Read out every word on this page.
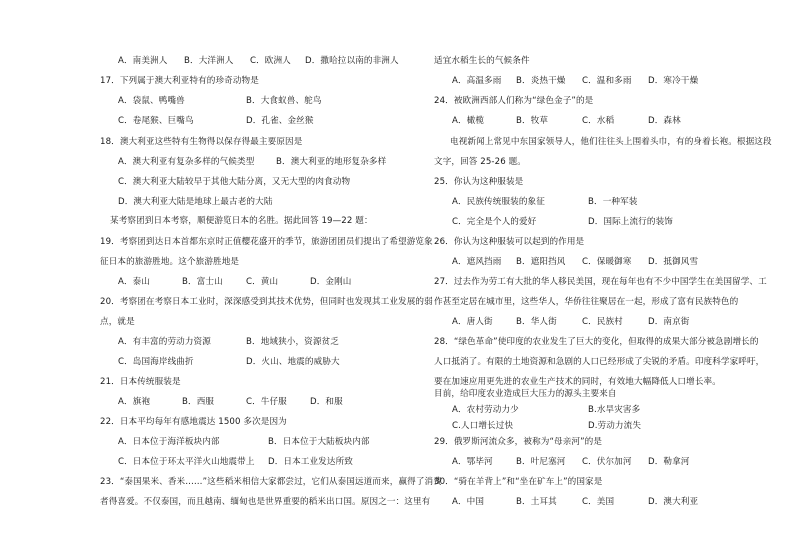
A．南美洲人 B．大洋洲人 C．欧洲人 D．撒哈拉以南的非洲人
17．下列属于澳大利亚特有的珍奇动物是
A．袋鼠、鸭嘴兽	B．大食蚁兽、鸵鸟
C．卷尾猴、巨嘴鸟	D．孔雀、金丝猴
18．澳大利亚这些特有生物得以保存得最主要原因是
A．澳大利亚有复杂多样的气候类型	B．澳大利亚的地形复杂多样
C．澳大利亚大陆较早于其他大陆分离，又无大型的肉食动物
D．澳大利亚大陆是地球上最古老的大陆
某考察团到日本考察，顺便游览日本的名胜。据此回答 19—22 题：
19．考察团到达日本首都东京时正值樱花盛开的季节，旅游团团员们提出了希望游览象
征日本的旅游胜地。这个旅游胜地是
A．泰山	B．富士山	C．黄山	D．金刚山
20．考察团在考察日本工业时，深深感受到其技术优势，但同时也发现其工业发展的弱
点，就是
A．有丰富的劳动力资源	B．地域狭小，资源贫乏
C．岛国海岸线曲折	D．火山、地震的威胁大
21．日本传统服装是
A．旗袍	B．西服	C．牛仔服	D．和服
22．日本平均每年有感地震达 1500 多次是因为
A．日本位于海洋板块内部	B．日本位于大陆板块内部
C．日本位于环太平洋火山地震带上 D．日本工业发达所致
23．“泰国果米、香米……”这些稻米相信大家都尝过，它们从泰国远道而来，赢得了消费
者得喜爱。不仅泰国，而且越南、缅甸也是世界重要的稻米出口国。原因之一：这里有
适宜水稻生长的气候条件
A．高温多雨 B．炎热干燥 C．温和多雨 D．寒冷干燥
24．被欧洲西部人们称为“绿色金子”的是
A．橄榄	B．牧草	C．水稻	D．森林
电视新闻上常见中东国家领导人，他们往往头上围着头巾，有的身着长袍。根据这段
文字，回答 25-26 题。
25．你认为这种服装是
A．民族传统服装的象征	B．一种军装
C．完全是个人的爱好	D．国际上流行的装饰
26．你认为这种服装可以起到的作用是
A．遮风挡雨 B．遮阳挡风 C．保暖御寒 D．抵御风雪
27．过去作为劳工有大批的华人移民美国，现在每年也有不少中国学生在美国留学、工
作甚至定居在城市里，这些华人，华侨往往聚居在一起，形成了富有民族特色的
A．唐人街	B．华人街	C．民族村	D．南京街
28．“绿色革命”使印度的农业发生了巨大的变化，但取得的成果大部分被急剧增长的
人口抵消了。有限的土地资源和急剧的人口已经形成了尖锐的矛盾。印度科学家呼吁，
要在加速应用更先进的农业生产技术的同时，有效地大幅降低人口增长率。
目前，给印度农业造成巨大压力的源头主要来自
A．农村劳动力少	B.水旱灾害多
C.人口增长过快	D.劳动力流失
29．俄罗斯河流众多，被称为“母亲河”的是
A．鄂毕河	B．叶尼塞河 C．伏尔加河 D．勒拿河
30．“骑在羊背上”和“坐在矿车上”的国家是
A．中国	B．土耳其	C．美国	D．澳大利亚
